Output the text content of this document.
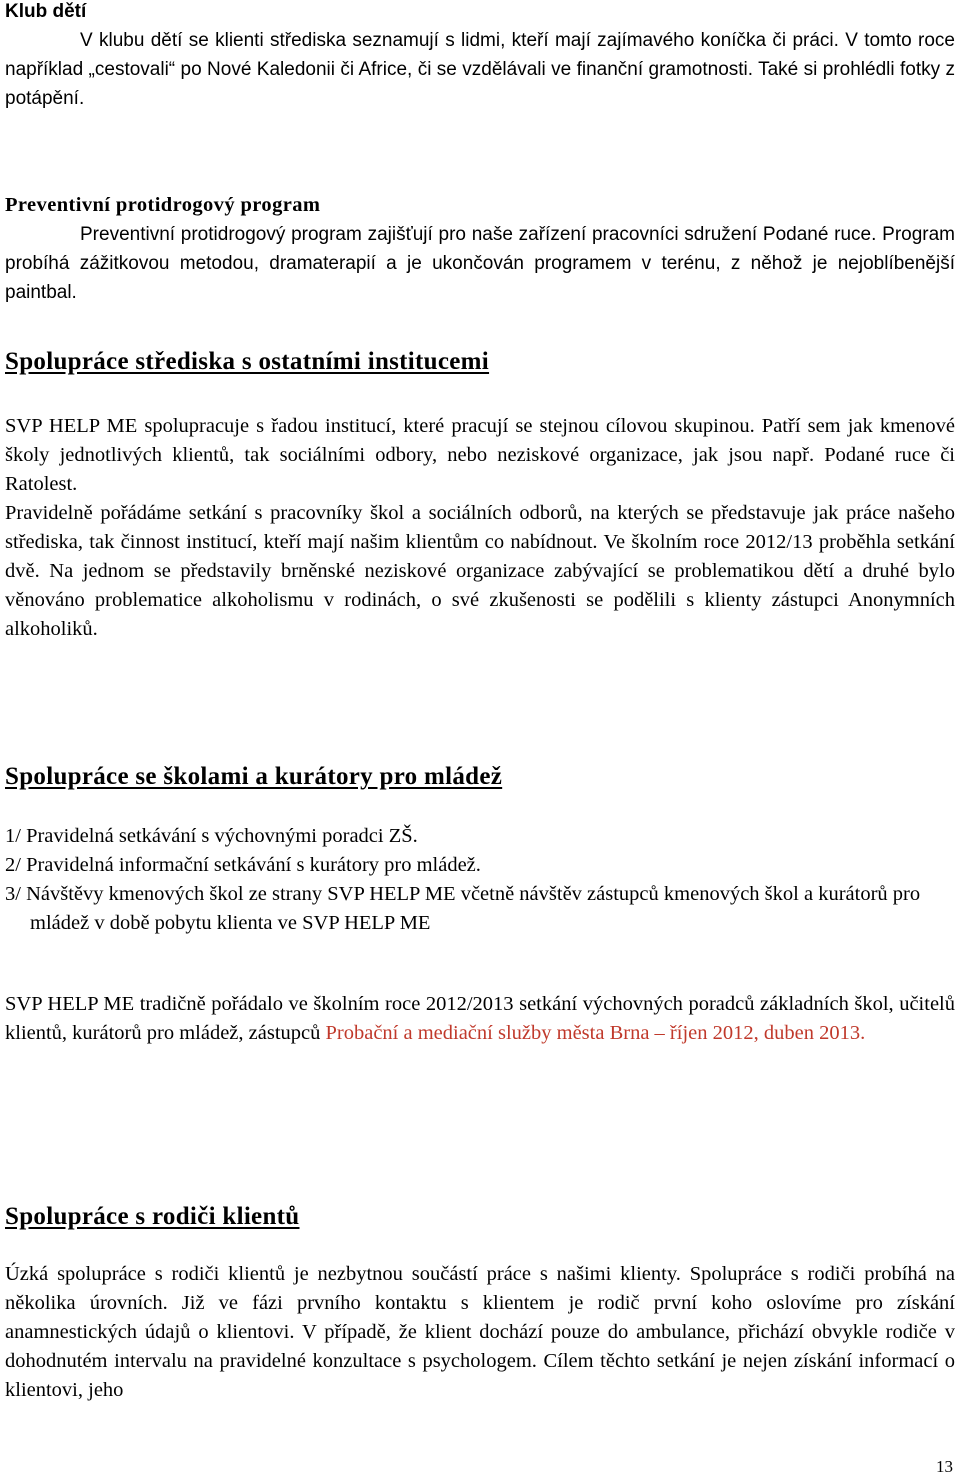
Klub dětí

V klubu dětí se klienti střediska seznamují s lidmi, kteří mají zajímavého koníčka či práci. V tomto roce například „cestovali“ po Nové Kaledonii či Africe, či se vzdělávali ve finanční gramotnosti. Také si prohlédli fotky z potápění.

Preventivní protidrogový program

Preventivní protidrogový program zajišťují pro naše zařízení pracovníci sdružení Podané ruce. Program probíhá zážitkovou metodou, dramaterapií a je ukončován programem v terénu, z něhož je nejoblíbenější paintbal.

Spolupráce střediska s ostatními institucemi

SVP HELP ME spolupracuje s řadou institucí, které pracují se stejnou cílovou skupinou. Patří sem jak kmenové školy jednotlivých klientů, tak sociálními odbory, nebo neziskové organizace, jak jsou např. Podané ruce či Ratolest.

Pravidelně pořádáme setkání s pracovníky škol a sociálních odborů, na kterých se představuje jak práce našeho střediska, tak činnost institucí, kteří mají našim klientům co nabídnout. Ve školním roce 2012/13 proběhla setkání dvě. Na jednom se představily brněnské neziskové organizace zabývající se problematikou dětí a druhé bylo věnováno problematice alkoholismu v rodinách, o své zkušenosti se podělili s klienty zástupci Anonymních alkoholiků.

Spolupráce se školami a kurátory pro mládež

1/ Pravidelná setkávání s výchovnými poradci ZŠ.

2/ Pravidelná informační setkávání s kurátory pro mládež.

3/ Návštěvy kmenových škol ze strany SVP HELP ME včetně návštěv zástupců kmenových škol a kurátorů pro mládež v době pobytu klienta ve SVP HELP ME

SVP HELP ME tradičně pořádalo ve školním roce 2012/2013 setkání výchovných poradců základních škol, učitelů klientů, kurátorů pro mládež, zástupců Probační a mediační služby města Brna – říjen 2012, duben 2013.

Spolupráce s rodiči klientů

Úzká spolupráce s rodiči klientů je nezbytnou součástí práce s našimi klienty. Spolupráce s rodiči probíhá na několika úrovních. Již ve fázi prvního kontaktu s klientem je rodič první koho oslovíme pro získání anamnestických údajů o klientovi. V případě, že klient dochází pouze do ambulance, přichází obvykle rodiče v dohodnutém intervalu na pravidelné konzultace s psychologem. Cílem těchto setkání je nejen získání informací o klientovi, jeho

13
